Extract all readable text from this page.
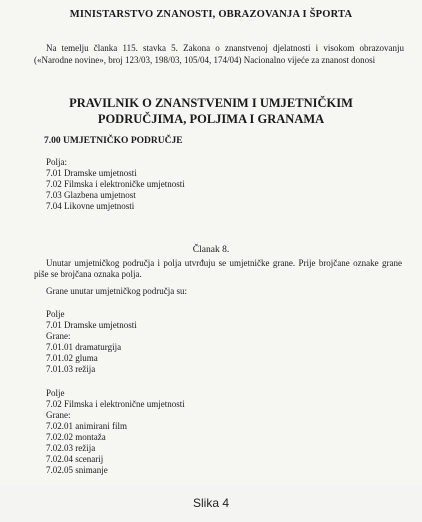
MINISTARSTVO ZNANOSTI, OBRAZOVANJA I ŠPORTA
Na temelju članka 115. stavka 5. Zakona o znanstvenoj djelatnosti i visokom obrazovanju («Narodne novine», broj 123/03, 198/03, 105/04, 174/04) Nacionalno vijeće za znanost donosi
PRAVILNIK O ZNANSTVENIM I UMJETNIČKIM
PODRUČJIMA, POLJIMA I GRANAMA
7.00 UMJETNIČKO PODRUČJE
Polja:
7.01 Dramske umjetnosti
7.02 Filmska i elektroničke umjetnosti
7.03 Glazbena umjetnost
7.04 Likovne umjetnosti
Članak 8.
Unutar umjetničkog područja i polja utvrđuju se umjetničke grane. Prije brojčane oznake grane piše se brojčana oznaka polja.
Grane unutar umjetničkog područja su:
Polje
7.01 Dramske umjetnosti
Grane:
7.01.01 dramaturgija
7.01.02 gluma
7.01.03 režija
Polje
7.02 Filmska i elektronične umjetnosti
Grane:
7.02.01 animirani film
7.02.02 montaža
7.02.03 režija
7.02.04 scenarij
7.02.05 snimanje
Slika 4
